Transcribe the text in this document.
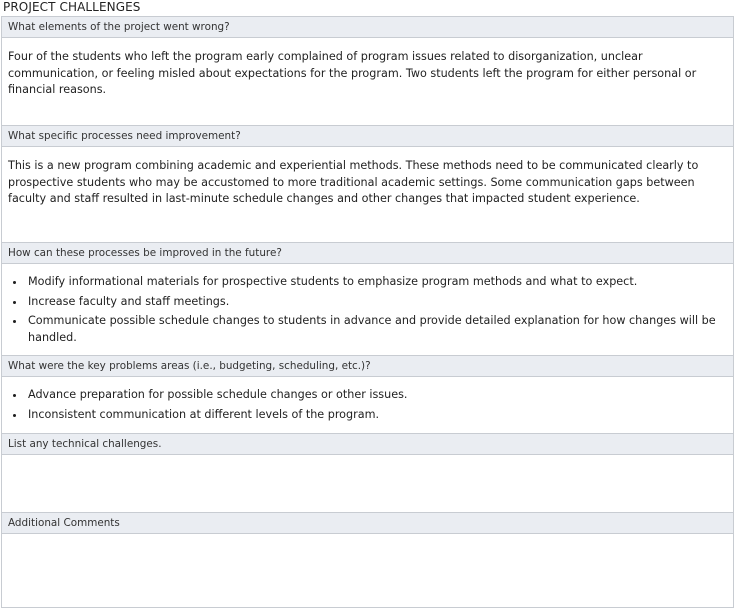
PROJECT CHALLENGES
What elements of the project went wrong?
Four of the students who left the program early complained of program issues related to disorganization, unclear communication, or feeling misled about expectations for the program. Two students left the program for either personal or financial reasons.
What specific processes need improvement?
This is a new program combining academic and experiential methods. These methods need to be communicated clearly to prospective students who may be accustomed to more traditional academic settings. Some communication gaps between faculty and staff resulted in last-minute schedule changes and other changes that impacted student experience.
How can these processes be improved in the future?

• Modify informational materials for prospective students to emphasize program methods and what to expect.
• Increase faculty and staff meetings.
• Communicate possible schedule changes to students in advance and provide detailed explanation for how changes will be handled.

What were the key problems areas (i.e., budgeting, scheduling, etc.)?

• Advance preparation for possible schedule changes or other issues.
• Inconsistent communication at different levels of the program.

List any technical challenges.

Additional Comments
